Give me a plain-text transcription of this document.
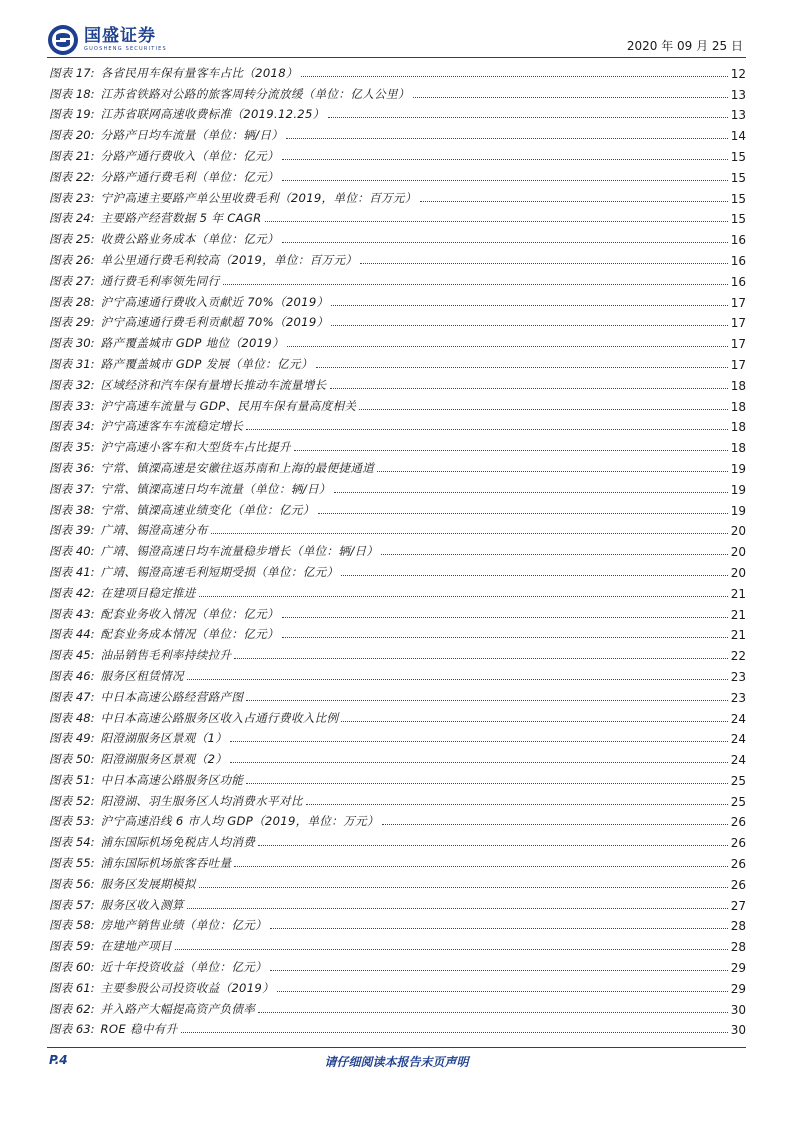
国盛证券
GUOSHENG SECURITIES	2020 年 09 月 25 日
图表 17: 各省民用车保有量客车占比（2018）	12
图表 18: 江苏省铁路对公路的旅客周转分流放缓（单位：亿人公里）	13
图表 19: 江苏省联网高速收费标准（2019.12.25）	13
图表 20: 分路产日均车流量（单位：辆/日）	14
图表 21: 分路产通行费收入（单位：亿元）	15
图表 22: 分路产通行费毛利（单位：亿元）	15
图表 23: 宁沪高速主要路产单公里收费毛利（2019，单位：百万元）	15
图表 24: 主要路产经营数据 5 年 CAGR	15
图表 25: 收费公路业务成本（单位：亿元）	16
图表 26: 单公里通行费毛利较高（2019，单位：百万元）	16
图表 27: 通行费毛利率领先同行	16
图表 28: 沪宁高速通行费收入贡献近 70%（2019）	17
图表 29: 沪宁高速通行费毛利贡献超 70%（2019）	17
图表 30: 路产覆盖城市 GDP 地位（2019）	17
图表 31: 路产覆盖城市 GDP 发展（单位：亿元）	17
图表 32: 区域经济和汽车保有量增长推动车流量增长	18
图表 33: 沪宁高速车流量与 GDP、民用车保有量高度相关	18
图表 34: 沪宁高速客车车流稳定增长	18
图表 35: 沪宁高速小客车和大型货车占比提升	18
图表 36: 宁常、镇溧高速是安徽往返苏南和上海的最便捷通道	19
图表 37: 宁常、镇溧高速日均车流量（单位：辆/日）	19
图表 38: 宁常、镇溧高速业绩变化（单位：亿元）	19
图表 39: 广靖、锡澄高速分布	20
图表 40: 广靖、锡澄高速日均车流量稳步增长（单位：辆/日）	20
图表 41: 广靖、锡澄高速毛利短期受损（单位：亿元）	20
图表 42: 在建项目稳定推进	21
图表 43: 配套业务收入情况（单位：亿元）	21
图表 44: 配套业务成本情况（单位：亿元）	21
图表 45: 油品销售毛利率持续拉升	22
图表 46: 服务区租赁情况	23
图表 47: 中日本高速公路经营路产图	23
图表 48: 中日本高速公路服务区收入占通行费收入比例	24
图表 49: 阳澄湖服务区景观（1）	24
图表 50: 阳澄湖服务区景观（2）	24
图表 51: 中日本高速公路服务区功能	25
图表 52: 阳澄湖、羽生服务区人均消费水平对比	25
图表 53: 沪宁高速沿线 6 市人均 GDP（2019，单位：万元）	26
图表 54: 浦东国际机场免税店人均消费	26
图表 55: 浦东国际机场旅客吞吐量	26
图表 56: 服务区发展期模拟	26
图表 57: 服务区收入测算	27
图表 58: 房地产销售业绩（单位：亿元）	28
图表 59: 在建地产项目	28
图表 60: 近十年投资收益（单位：亿元）	29
图表 61: 主要参股公司投资收益（2019）	29
图表 62: 并入路产大幅提高资产负债率	30
图表 63: ROE 稳中有升	30
请仔细阅读本报告末页声明
P.4
